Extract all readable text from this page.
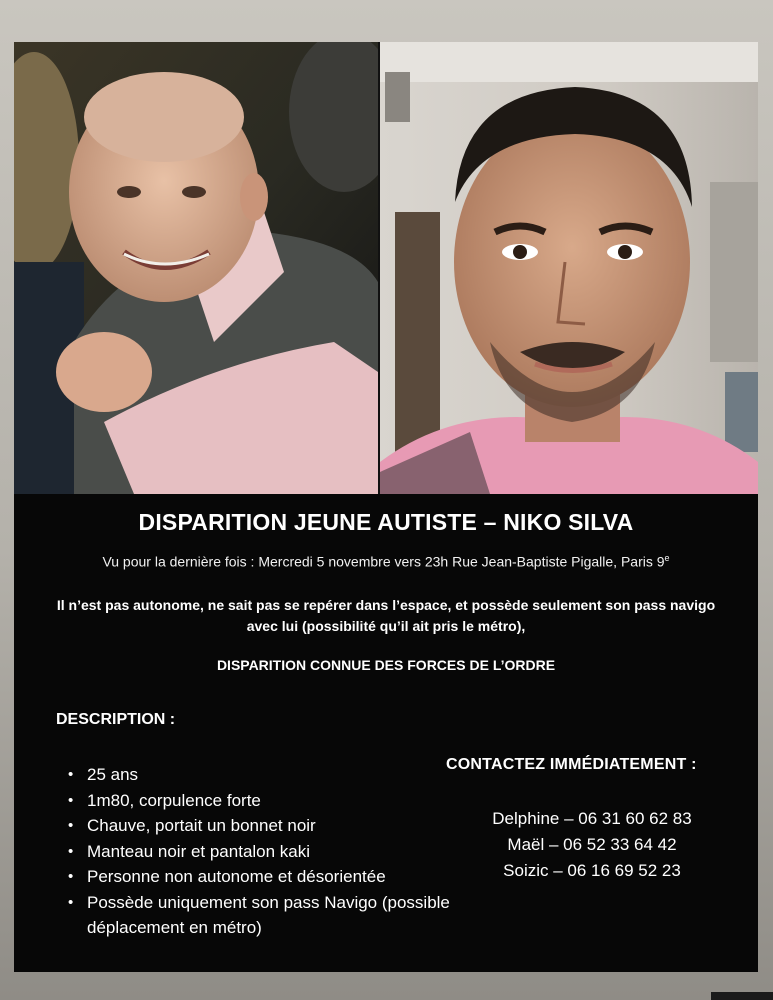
DISPARITION JEUNE AUTISTE – NIKO SILVA
Vu pour la dernière fois : Mercredi 5 novembre vers 23h Rue Jean-Baptiste Pigalle, Paris 9e
Il n’est pas autonome, ne sait pas se repérer dans l’espace, et possède seulement son pass navigo avec lui (possibilité qu’il ait pris le métro),
DISPARITION CONNUE DES FORCES DE L’ORDRE
DESCRIPTION :
• 25 ans
• 1m80, corpulence forte
• Chauve, portait un bonnet noir
• Manteau noir et pantalon kaki
• Personne non autonome et désorientée
• Possède uniquement son pass Navigo (possible déplacement en métro)
CONTACTEZ IMMÉDIATEMENT :
Delphine – 06 31 60 62 83
Maël – 06 52 33 64 42
Soizic – 06 16 69 52 23
